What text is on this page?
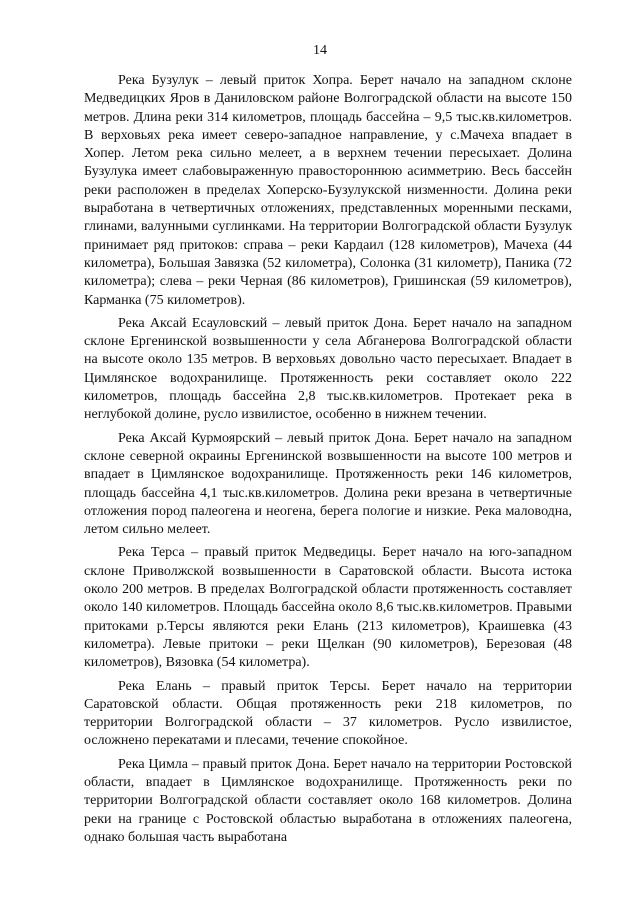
14

Река Бузулук – левый приток Хопра. Берет начало на западном склоне Медведицких Яров в Даниловском районе Волгоградской области на высоте 150 метров. Длина реки 314 километров, площадь бассейна – 9,5 тыс.кв.километров. В верховьях река имеет северо-западное направление, у с.Мачеха впадает в Хопер. Летом река сильно мелеет, а в верхнем течении пересыхает. Долина Бузулука имеет слабовыраженную правостороннюю асимметрию. Весь бассейн реки расположен в пределах Хоперско-Бузулукской низменности. Долина реки выработана в четвертичных отложениях, представленных моренными песками, глинами, валунными суглинками. На территории Волгоградской области Бузулук принимает ряд притоков: справа – реки Кардаил (128 километров), Мачеха (44 километра), Большая Завязка (52 километра), Солонка (31 километр), Паника (72 километра); слева – реки Черная (86 километров), Гришинская (59 километров), Карманка (75 километров).

Река Аксай Есауловский – левый приток Дона. Берет начало на западном склоне Ергенинской возвышенности у села Абганерова Волгоградской области на высоте около 135 метров. В верховьях довольно часто пересыхает. Впадает в Цимлянское водохранилище. Протяженность реки составляет около 222 километров, площадь бассейна 2,8 тыс.кв.километров. Протекает река в неглубокой долине, русло извилистое, особенно в нижнем течении.

Река Аксай Курмоярский – левый приток Дона. Берет начало на западном склоне северной окраины Ергенинской возвышенности на высоте 100 метров и впадает в Цимлянское водохранилище. Протяженность реки 146 километров, площадь бассейна 4,1 тыс.кв.километров. Долина реки врезана в четвертичные отложения пород палеогена и неогена, берега пологие и низкие. Река маловодна, летом сильно мелеет.

Река Терса – правый приток Медведицы. Берет начало на юго-западном склоне Приволжской возвышенности в Саратовской области. Высота истока около 200 метров. В пределах Волгоградской области протяженность составляет около 140 километров. Площадь бассейна около 8,6 тыс.кв.километров. Правыми притоками р.Терсы являются реки Елань (213 километров), Краишевка (43 километра). Левые притоки – реки Щелкан (90 километров), Березовая (48 километров), Вязовка (54 километра).

Река Елань – правый приток Терсы. Берет начало на территории Саратовской области. Общая протяженность реки 218 километров, по территории Волгоградской области – 37 километров. Русло извилистое, осложнено перекатами и плесами, течение спокойное.

Река Цимла – правый приток Дона. Берет начало на территории Ростовской области, впадает в Цимлянское водохранилище. Протяженность реки по территории Волгоградской области составляет около 168 километров. Долина реки на границе с Ростовской областью выработана в отложениях палеогена, однако большая часть выработана
